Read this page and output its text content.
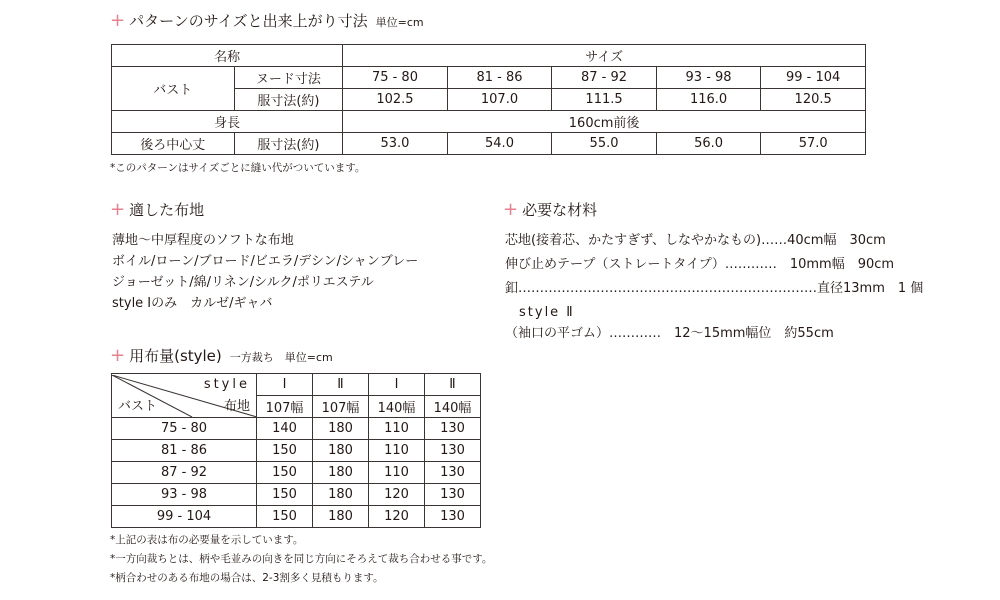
+ パターンのサイズと出来上がり寸法 単位=cm
名称		サイズ				
バスト	ヌード寸法	75 - 80	81 - 86	87 - 92	93 - 98	99 - 104
	服寸法(約)	102.5	107.0	111.5	116.0	120.5
身長		160cm前後				
後ろ中心丈	服寸法(約)	53.0	54.0	55.0	56.0	57.0
*このパターンはサイズごとに縫い代がついています。
+ 適した布地
薄地〜中厚程度のソフトな布地
ボイル/ローン/ブロード/ビエラ/デシン/シャンブレー
ジョーゼット/綿/リネン/シルク/ポリエステル
style Ⅰのみ　カルゼ/ギャバ
+ 必要な材料
芯地(接着芯、かたすぎず、しなやかなもの)……40cm幅　30cm
伸び止めテープ（ストレートタイプ）…………　10mm幅　90cm
釦……………………………………………………………直径13mm　1 個
style Ⅱ
（袖口の平ゴム）…………　12〜15mm幅位　約55cm
+ 用布量(style) 一方裁ち　単位=cm
style
バスト 布地	Ⅰ	Ⅱ	Ⅰ	Ⅱ
	107幅	107幅	140幅	140幅
75 - 80	140	180	110	130
81 - 86	150	180	110	130
87 - 92	150	180	110	130
93 - 98	150	180	120	130
99 - 104	150	180	120	130
*上記の表は布の必要量を示しています。
*一方向裁ちとは、柄や毛並みの向きを同じ方向にそろえて裁ち合わせる事です。
*柄合わせのある布地の場合は、2-3割多く見積もります。
